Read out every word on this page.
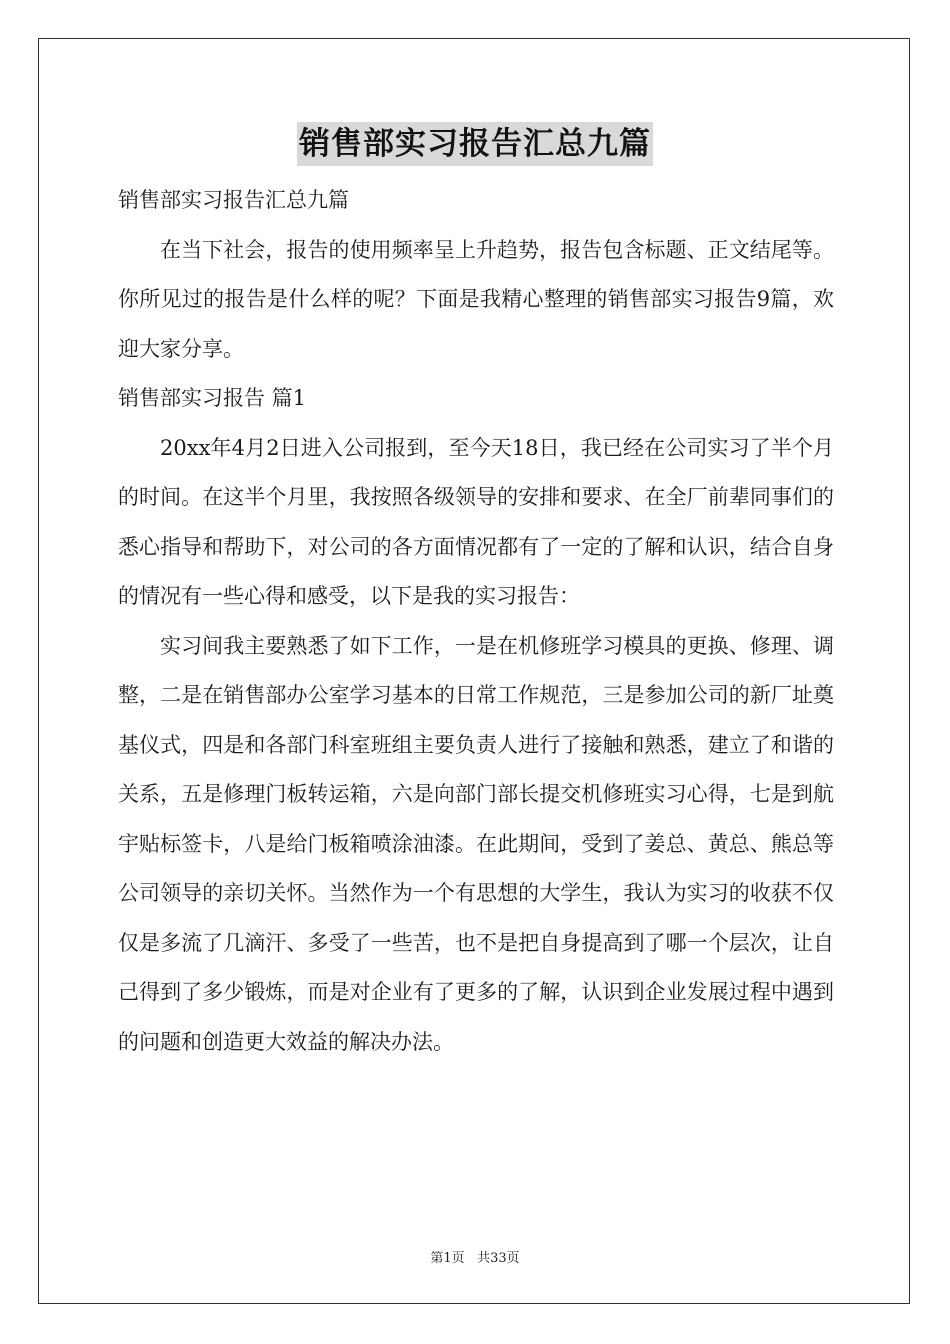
销售部实习报告汇总九篇

销售部实习报告汇总九篇

在当下社会，报告的使用频率呈上升趋势，报告包含标题、正文结尾等。你所见过的报告是什么样的呢？下面是我精心整理的销售部实习报告9篇，欢迎大家分享。

销售部实习报告 篇1

20xx年4月2日进入公司报到，至今天18日，我已经在公司实习了半个月的时间。在这半个月里，我按照各级领导的安排和要求、在全厂前辈同事们的悉心指导和帮助下，对公司的各方面情况都有了一定的了解和认识，结合自身的情况有一些心得和感受，以下是我的实习报告：

实习间我主要熟悉了如下工作，一是在机修班学习模具的更换、修理、调整，二是在销售部办公室学习基本的日常工作规范，三是参加公司的新厂址奠基仪式，四是和各部门科室班组主要负责人进行了接触和熟悉，建立了和谐的关系，五是修理门板转运箱，六是向部门部长提交机修班实习心得，七是到航宇贴标签卡，八是给门板箱喷涂油漆。在此期间，受到了姜总、黄总、熊总等公司领导的亲切关怀。当然作为一个有思想的大学生，我认为实习的收获不仅仅是多流了几滴汗、多受了一些苦，也不是把自身提高到了哪一个层次，让自己得到了多少锻炼，而是对企业有了更多的了解，认识到企业发展过程中遇到的问题和创造更大效益的解决办法。

第1页 共33页
